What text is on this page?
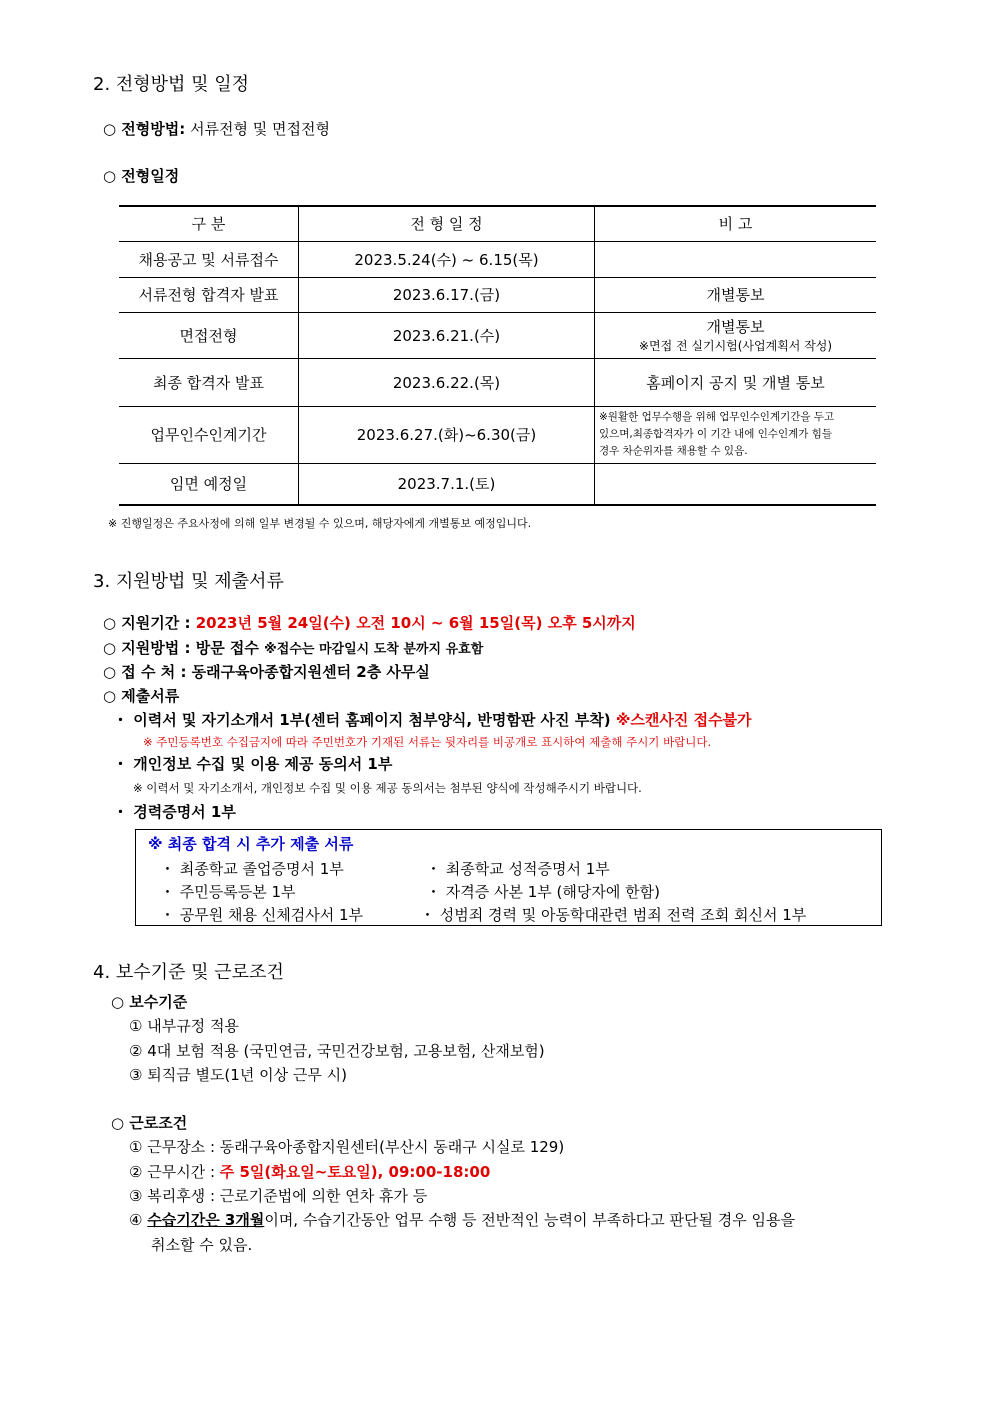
2. 전형방법 및 일정
○ 전형방법: 서류전형 및 면접전형
○ 전형일정
구 분	전 형 일 정	비 고
채용공고 및 서류접수	2023.5.24(수) ~ 6.15(목)	
서류전형 합격자 발표	2023.6.17.(금)	개별통보
면접전형	2023.6.21.(수)	개별통보
※면접 전 실기시험(사업계획서 작성)

최종 합격자 발표	2023.6.22.(목)	홈페이지 공지 및 개별 통보
업무인수인계기간	2023.6.27.(화)~6.30(금)	※원활한 업무수행을 위해 업무인수인계기간을 두고
있으며,최종합격자가 이 기간 내에 인수인계가 힘들
경우 차순위자를 채용할 수 있음.

임면 예정일	2023.7.1.(토)	
※ 진행일정은 주요사정에 의해 일부 변경될 수 있으며, 해당자에게 개별통보 예정입니다.
3. 지원방법 및 제출서류
○ 지원기간 : 2023년 5월 24일(수) 오전 10시 ~ 6월 15일(목) 오후 5시까지
○ 지원방법 : 방문 접수 ※접수는 마감일시 도착 분까지 유효함
○ 접 수 처 : 동래구육아종합지원센터 2층 사무실
○ 제출서류
・ 이력서 및 자기소개서 1부(센터 홈페이지 첨부양식, 반명함판 사진 부착) ※스캔사진 접수불가
※ 주민등록번호 수집금지에 따라 주민번호가 기재된 서류는 뒷자리를 비공개로 표시하여 제출해 주시기 바랍니다.
・ 개인정보 수집 및 이용 제공 동의서 1부
※ 이력서 및 자기소개서, 개인정보 수집 및 이용 제공 동의서는 첨부된 양식에 작성해주시기 바랍니다.
・ 경력증명서 1부
※ 최종 합격 시 추가 제출 서류
・ 최종학교 졸업증명서 1부	・ 최종학교 성적증명서 1부
・ 주민등록등본 1부	・ 자격증 사본 1부 (해당자에 한함)
・ 공무원 채용 신체검사서 1부	・ 성범죄 경력 및 아동학대관련 범죄 전력 조회 회신서 1부
4. 보수기준 및 근로조건
○ 보수기준
① 내부규정 적용
② 4대 보험 적용 (국민연금, 국민건강보험, 고용보험, 산재보험)
③ 퇴직금 별도(1년 이상 근무 시)
○ 근로조건
① 근무장소 : 동래구육아종합지원센터(부산시 동래구 시실로 129)
② 근무시간 : 주 5일(화요일~토요일), 09:00-18:00
③ 복리후생 : 근로기준법에 의한 연차 휴가 등
④ 수습기간은 3개월이며, 수습기간동안 업무 수행 등 전반적인 능력이 부족하다고 판단될 경우 임용을
취소할 수 있음.
